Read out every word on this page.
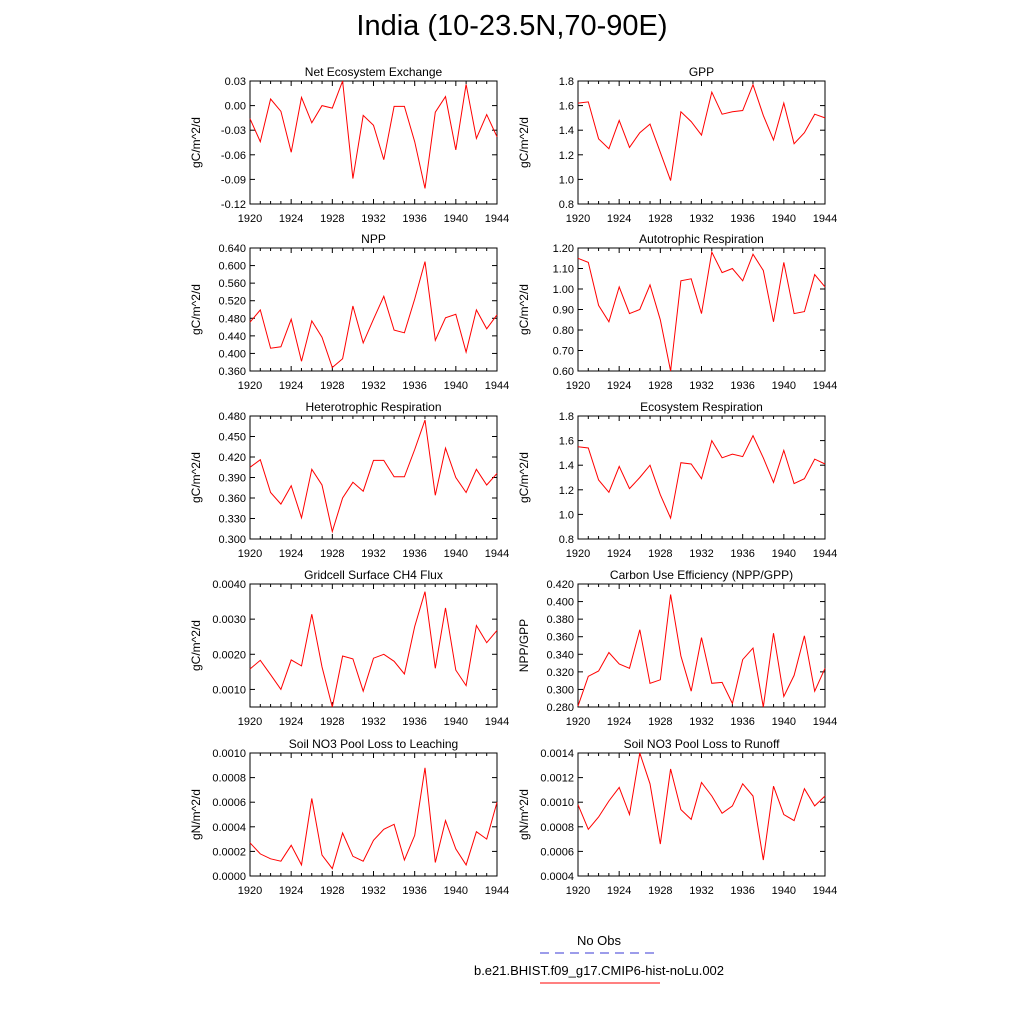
India (10-23.5N,70-90E)
Net Ecosystem Exchange
gC/m^2/d
0.03
0.00
-0.03
-0.06
-0.09
-0.12
1920 1924 1928 1932 1936 1940 1944
GPP
gC/m^2/d
1.8
1.6
1.4
1.2
1.0
0.8
1920 1924 1928 1932 1936 1940 1944
NPP
gC/m^2/d
0.640
0.600
0.560
0.520
0.480
0.440
0.400
0.360
1920 1924 1928 1932 1936 1940 1944
Autotrophic Respiration
gC/m^2/d
1.20
1.10
1.00
0.90
0.80
0.70
0.60
1920 1924 1928 1932 1936 1940 1944
Heterotrophic Respiration
gC/m^2/d
0.480
0.450
0.420
0.390
0.360
0.330
0.300
1920 1924 1928 1932 1936 1940 1944
Ecosystem Respiration
gC/m^2/d
1.8
1.6
1.4
1.2
1.0
0.8
1920 1924 1928 1932 1936 1940 1944
Gridcell Surface CH4 Flux
gC/m^2/d
0.0040
0.0030
0.0020
0.0010
1920 1924 1928 1932 1936 1940 1944
Carbon Use Efficiency (NPP/GPP)
NPP/GPP
0.420
0.400
0.380
0.360
0.340
0.320
0.300
0.280
1920 1924 1928 1932 1936 1940 1944
Soil NO3 Pool Loss to Leaching
gN/m^2/d
0.0010
0.0008
0.0006
0.0004
0.0002
0.0000
1920 1924 1928 1932 1936 1940 1944
Soil NO3 Pool Loss to Runoff
gN/m^2/d
0.0014
0.0012
0.0010
0.0008
0.0006
0.0004
1920 1924 1928 1932 1936 1940 1944
No Obs
b.e21.BHIST.f09_g17.CMIP6-hist-noLu.002
